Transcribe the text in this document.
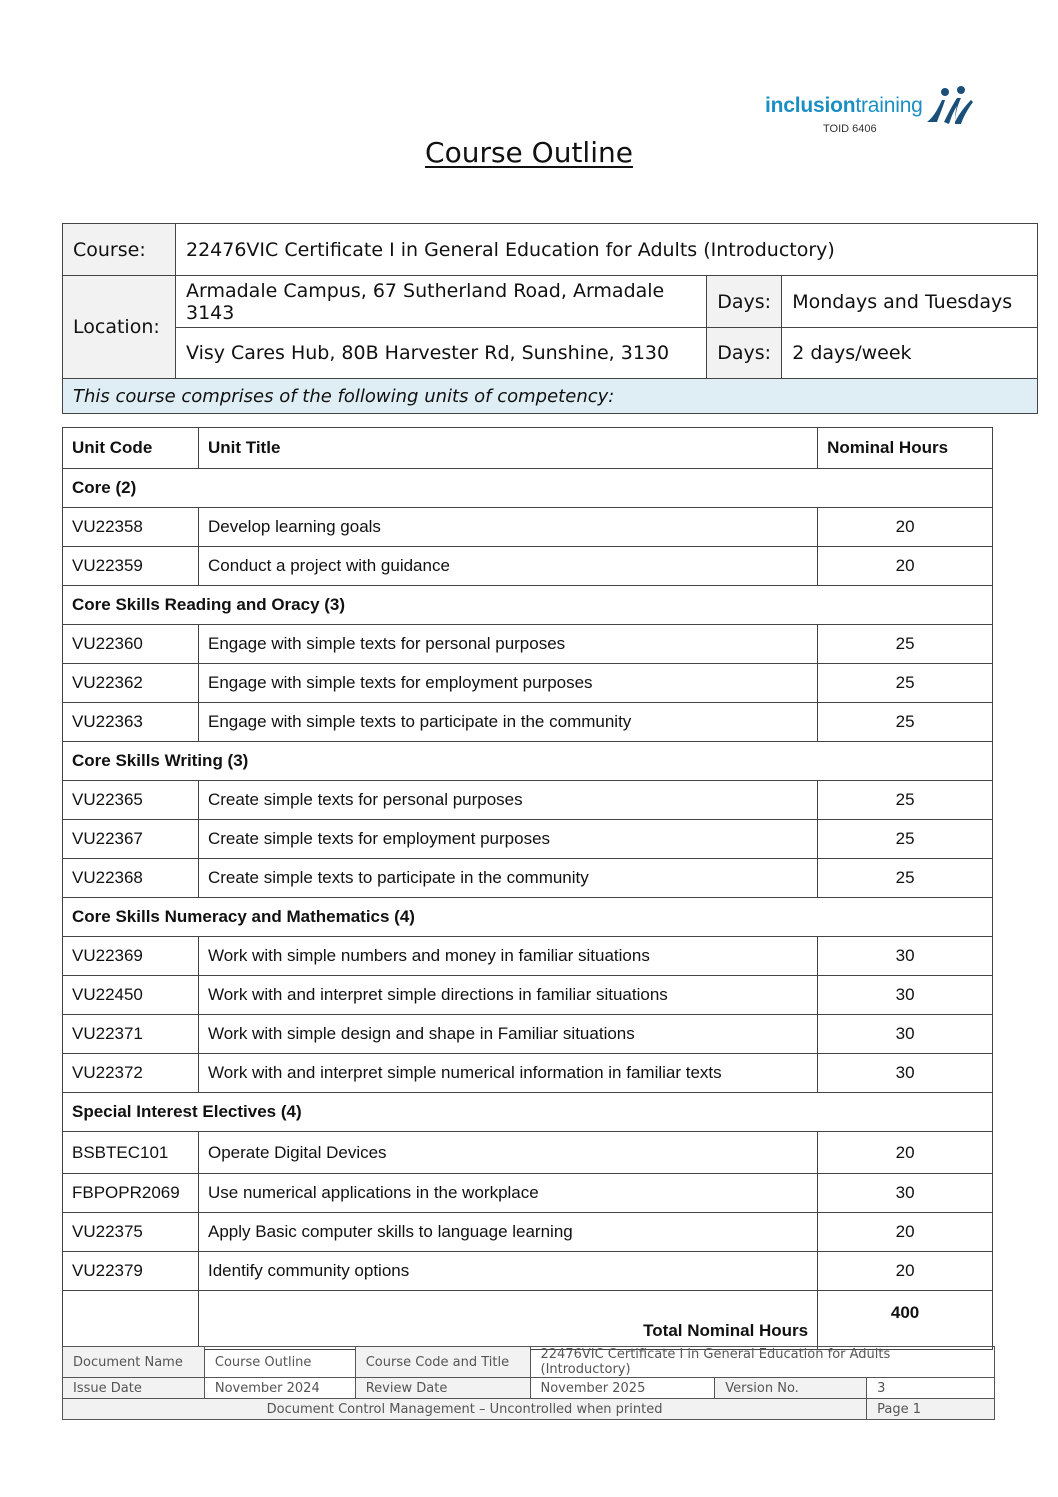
inclusiontraining
TOID 6406
Course Outline
Course:	22476VIC Certificate I in General Education for Adults (Introductory)		
Location:	Armadale Campus, 67 Sutherland Road, Armadale 3143	Days:	Mondays and Tuesdays
	Visy Cares Hub, 80B Harvester Rd, Sunshine, 3130	Days:	2 days/week
This course comprises of the following units of competency:			
Unit Code	Unit Title	Nominal Hours
Core (2)		
VU22358	Develop learning goals	20
VU22359	Conduct a project with guidance	20
Core Skills Reading and Oracy (3)		
VU22360	Engage with simple texts for personal purposes	25
VU22362	Engage with simple texts for employment purposes	25
VU22363	Engage with simple texts to participate in the community	25
Core Skills Writing (3)		
VU22365	Create simple texts for personal purposes	25
VU22367	Create simple texts for employment purposes	25
VU22368	Create simple texts to participate in the community	25
Core Skills Numeracy and Mathematics (4)		
VU22369	Work with simple numbers and money in familiar situations	30
VU22450	Work with and interpret simple directions in familiar situations	30
VU22371	Work with simple design and shape in Familiar situations	30
VU22372	Work with and interpret simple numerical information in familiar texts	30
Special Interest Electives (4)		
BSBTEC101	Operate Digital Devices	20
FBPOPR2069	Use numerical applications in the workplace	30
VU22375	Apply Basic computer skills to language learning	20
VU22379	Identify community options	20
	Total Nominal Hours	400
Document Name	Course Outline	Course Code and Title	22476VIC Certificate I in General Education for Adults (Introductory)		
Issue Date	November 2024	Review Date	November 2025	Version No.	3
Document Control Management – Uncontrolled when printed					Page 1
